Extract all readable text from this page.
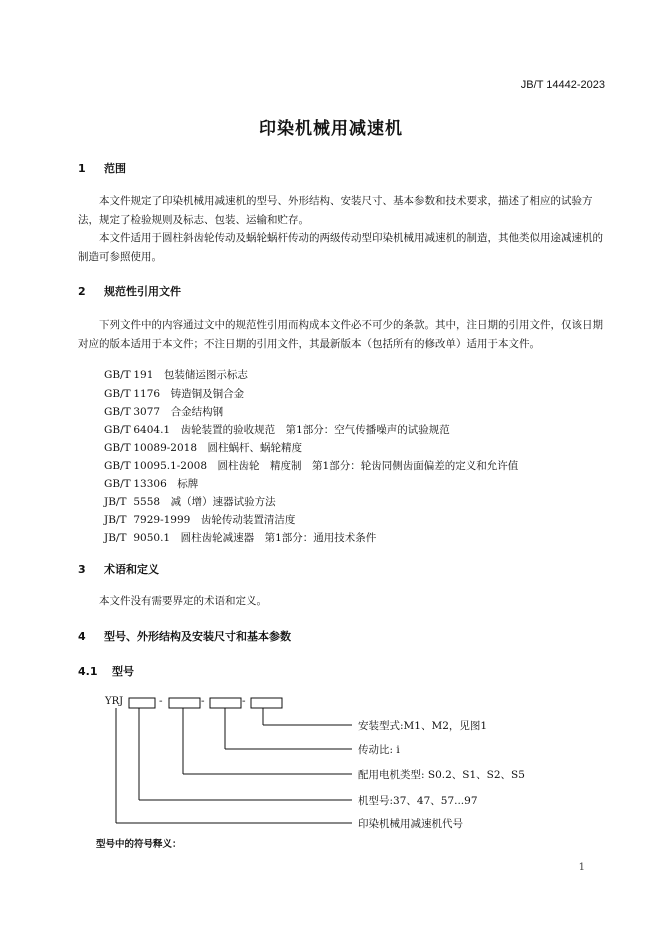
JB/T 14442-2023
印染机械用减速机
1 范围
本文件规定了印染机械用减速机的型号、外形结构、安装尺寸、基本参数和技术要求，描述了相应的试验方法，规定了检验规则及标志、包装、运输和贮存。
本文件适用于圆柱斜齿轮传动及蜗轮蜗杆传动的两级传动型印染机械用减速机的制造，其他类似用途减速机的制造可参照使用。
2 规范性引用文件
下列文件中的内容通过文中的规范性引用而构成本文件必不可少的条款。其中，注日期的引用文件，仅该日期对应的版本适用于本文件；不注日期的引用文件，其最新版本（包括所有的修改单）适用于本文件。
GB/T 191　包装储运图示标志
GB/T 1176　铸造铜及铜合金
GB/T 3077　合金结构钢
GB/T 6404.1　齿轮装置的验收规范　第1部分：空气传播噪声的试验规范
GB/T 10089-2018　圆柱蜗杆、蜗轮精度
GB/T 10095.1-2008　圆柱齿轮　精度制　第1部分：轮齿同侧齿面偏差的定义和允许值
GB/T 13306　标牌
JB/T 5558　减（增）速器试验方法
JB/T 7929-1999　齿轮传动装置清洁度
JB/T 9050.1　圆柱齿轮减速器　第1部分：通用技术条件
3 术语和定义
本文件没有需要界定的术语和定义。
4 型号、外形结构及安装尺寸和基本参数
4.1 型号
YRJ	-	-	-
安装型式:M1、M2，见图1
传动比: i
配用电机类型: S0.2、S1、S2、S5
机型号:37、47、57...97
印染机械用减速机代号
型号中的符号释义：
1
